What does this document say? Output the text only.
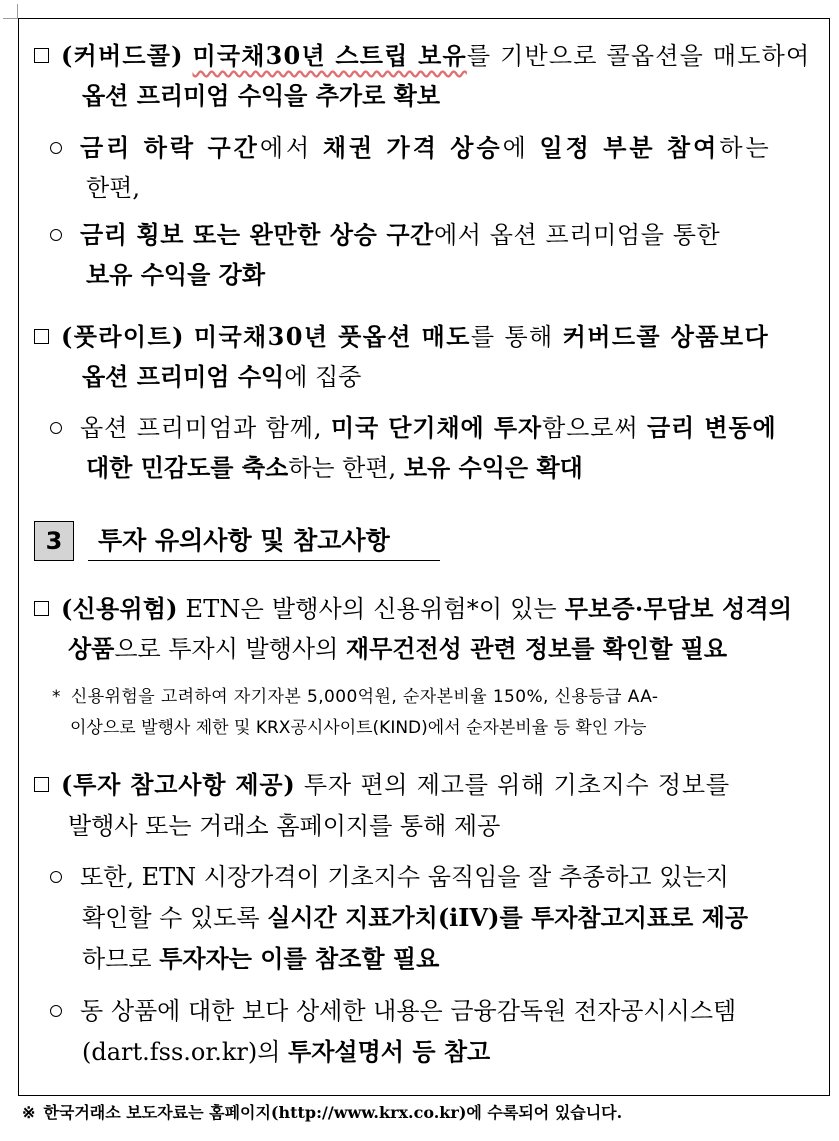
(커버드콜) 미국채30년 스트립 보유를 기반으로 콜옵션을 매도하여
옵션 프리미엄 수익을 추가로 확보
금리 하락 구간에서 채권 가격 상승에 일정 부분 참여하는
한편,
금리 횡보 또는 완만한 상승 구간에서 옵션 프리미엄을 통한
보유 수익을 강화
(풋라이트) 미국채30년 풋옵션 매도를 통해 커버드콜 상품보다
옵션 프리미엄 수익에 집중
옵션 프리미엄과 함께, 미국 단기채에 투자함으로써 금리 변동에
대한 민감도를 축소하는 한편, 보유 수익은 확대
3	투자 유의사항 및 참고사항
(신용위험) ETN은 발행사의 신용위험*이 있는 무보증·무담보 성격의
상품으로 투자시 발행사의 재무건전성 관련 정보를 확인할 필요
* 신용위험을 고려하여 자기자본 5,000억원, 순자본비율 150%, 신용등급 AA-
이상으로 발행사 제한 및 KRX공시사이트(KIND)에서 순자본비율 등 확인 가능
(투자 참고사항 제공) 투자 편의 제고를 위해 기초지수 정보를
발행사 또는 거래소 홈페이지를 통해 제공
또한, ETN 시장가격이 기초지수 움직임을 잘 추종하고 있는지
확인할 수 있도록 실시간 지표가치(iIV)를 투자참고지표로 제공
하므로 투자자는 이를 참조할 필요
동 상품에 대한 보다 상세한 내용은 금융감독원 전자공시시스템
(dart.fss.or.kr)의 투자설명서 등 참고
※ 한국거래소 보도자료는 홈페이지(http://www.krx.co.kr)에 수록되어 있습니다.
